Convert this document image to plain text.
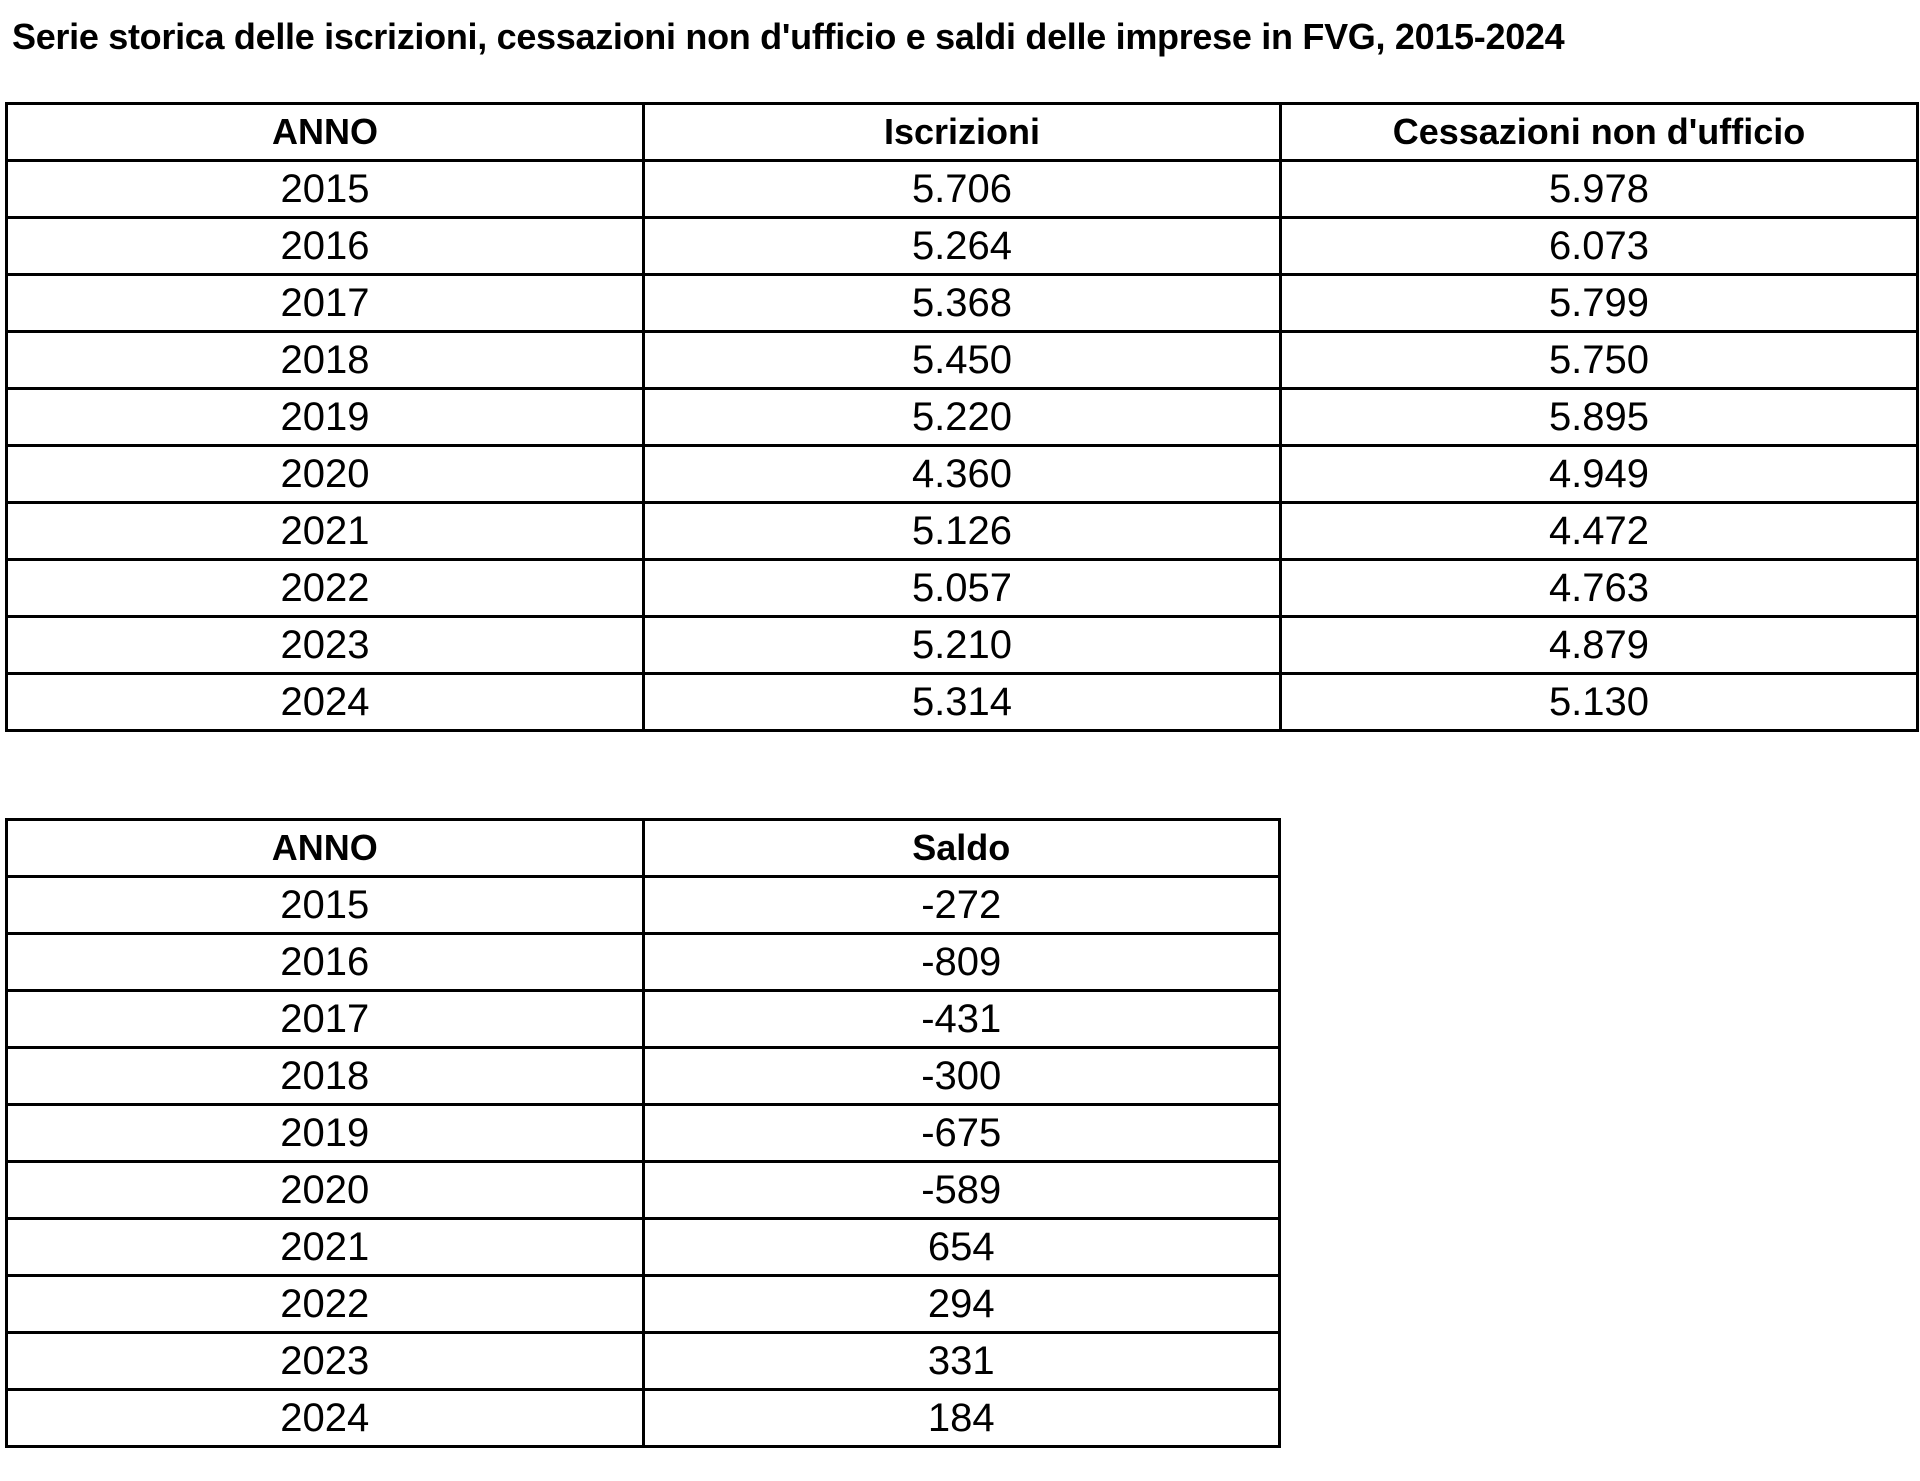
Serie storica delle iscrizioni, cessazioni non d'ufficio e saldi delle imprese in FVG, 2015-2024
ANNO	Iscrizioni	Cessazioni non d'ufficio
2015	5.706	5.978
2016	5.264	6.073
2017	5.368	5.799
2018	5.450	5.750
2019	5.220	5.895
2020	4.360	4.949
2021	5.126	4.472
2022	5.057	4.763
2023	5.210	4.879
2024	5.314	5.130
ANNO	Saldo
2015	-272
2016	-809
2017	-431
2018	-300
2019	-675
2020	-589
2021	654
2022	294
2023	331
2024	184
